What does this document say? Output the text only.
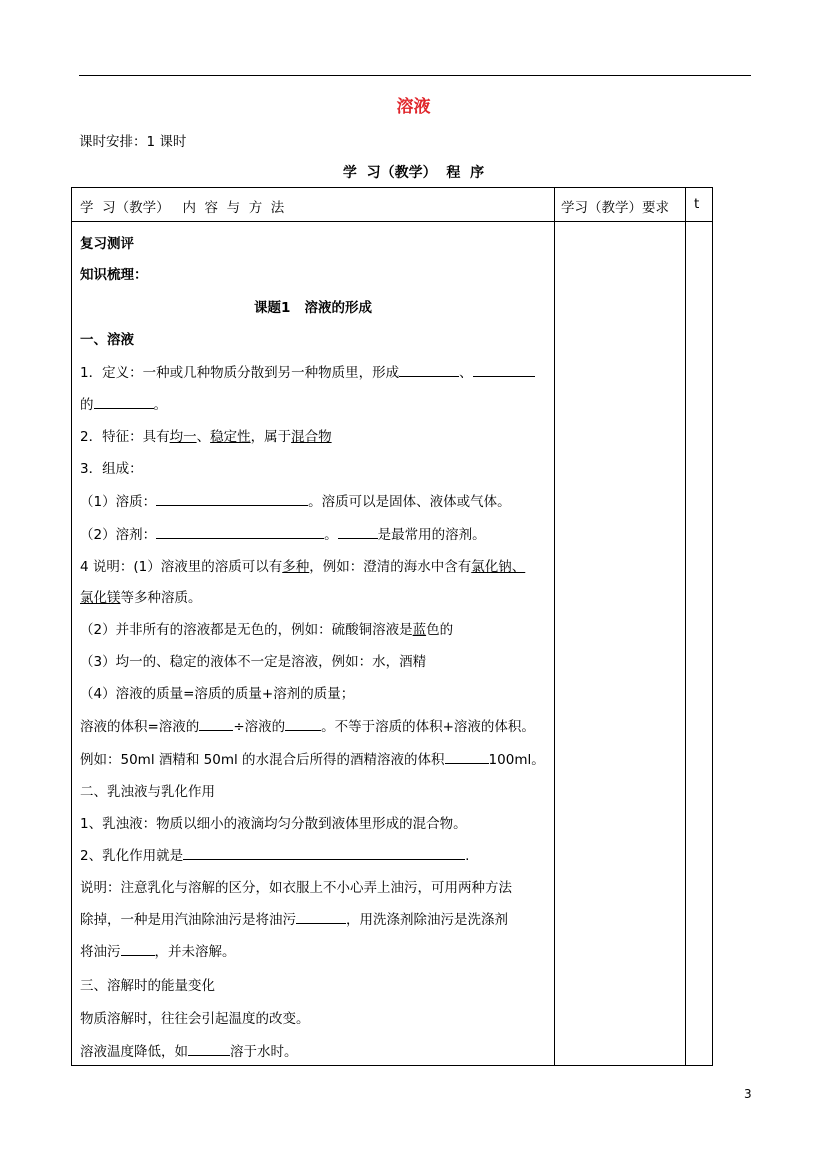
溶液
课时安排：1 课时
学  习（教学）  程  序
学  习（教学）   内  容  与  方  法	学习（教学）要求 t
复习测评
知识梳理：
课题1   溶液的形成
一、溶液
1．定义：一种或几种物质分散到另一种物质里，形成	、
的	。
2．特征：具有均一、稳定性，属于混合物
3．组成：
（1）溶质：	。溶质可以是固体、液体或气体。
（2）溶剂：	。	是最常用的溶剂。
4 说明：(1）溶液里的溶质可以有多种，例如：澄清的海水中含有氯化钠、
氯化镁等多种溶质。
（2）并非所有的溶液都是无色的，例如：硫酸铜溶液是蓝色的
（3）均一的、稳定的液体不一定是溶液，例如：水，酒精
（4）溶液的质量=溶质的质量+溶剂的质量；
溶液的体积=溶液的	÷溶液的	。不等于溶质的体积+溶液的体积。
例如：50ml 酒精和 50ml 的水混合后所得的酒精溶液的体积	100ml。
二、乳浊液与乳化作用
1、乳浊液：物质以细小的液滴均匀分散到液体里形成的混合物。
2、乳化作用就是	.
说明：注意乳化与溶解的区分，如衣服上不小心弄上油污，可用两种方法
除掉，一种是用汽油除油污是将油污	，用洗涤剂除油污是洗涤剂
将油污	，并未溶解。
三、溶解时的能量变化
物质溶解时，往往会引起温度的改变。
溶液温度降低，如	溶于水时。
3
